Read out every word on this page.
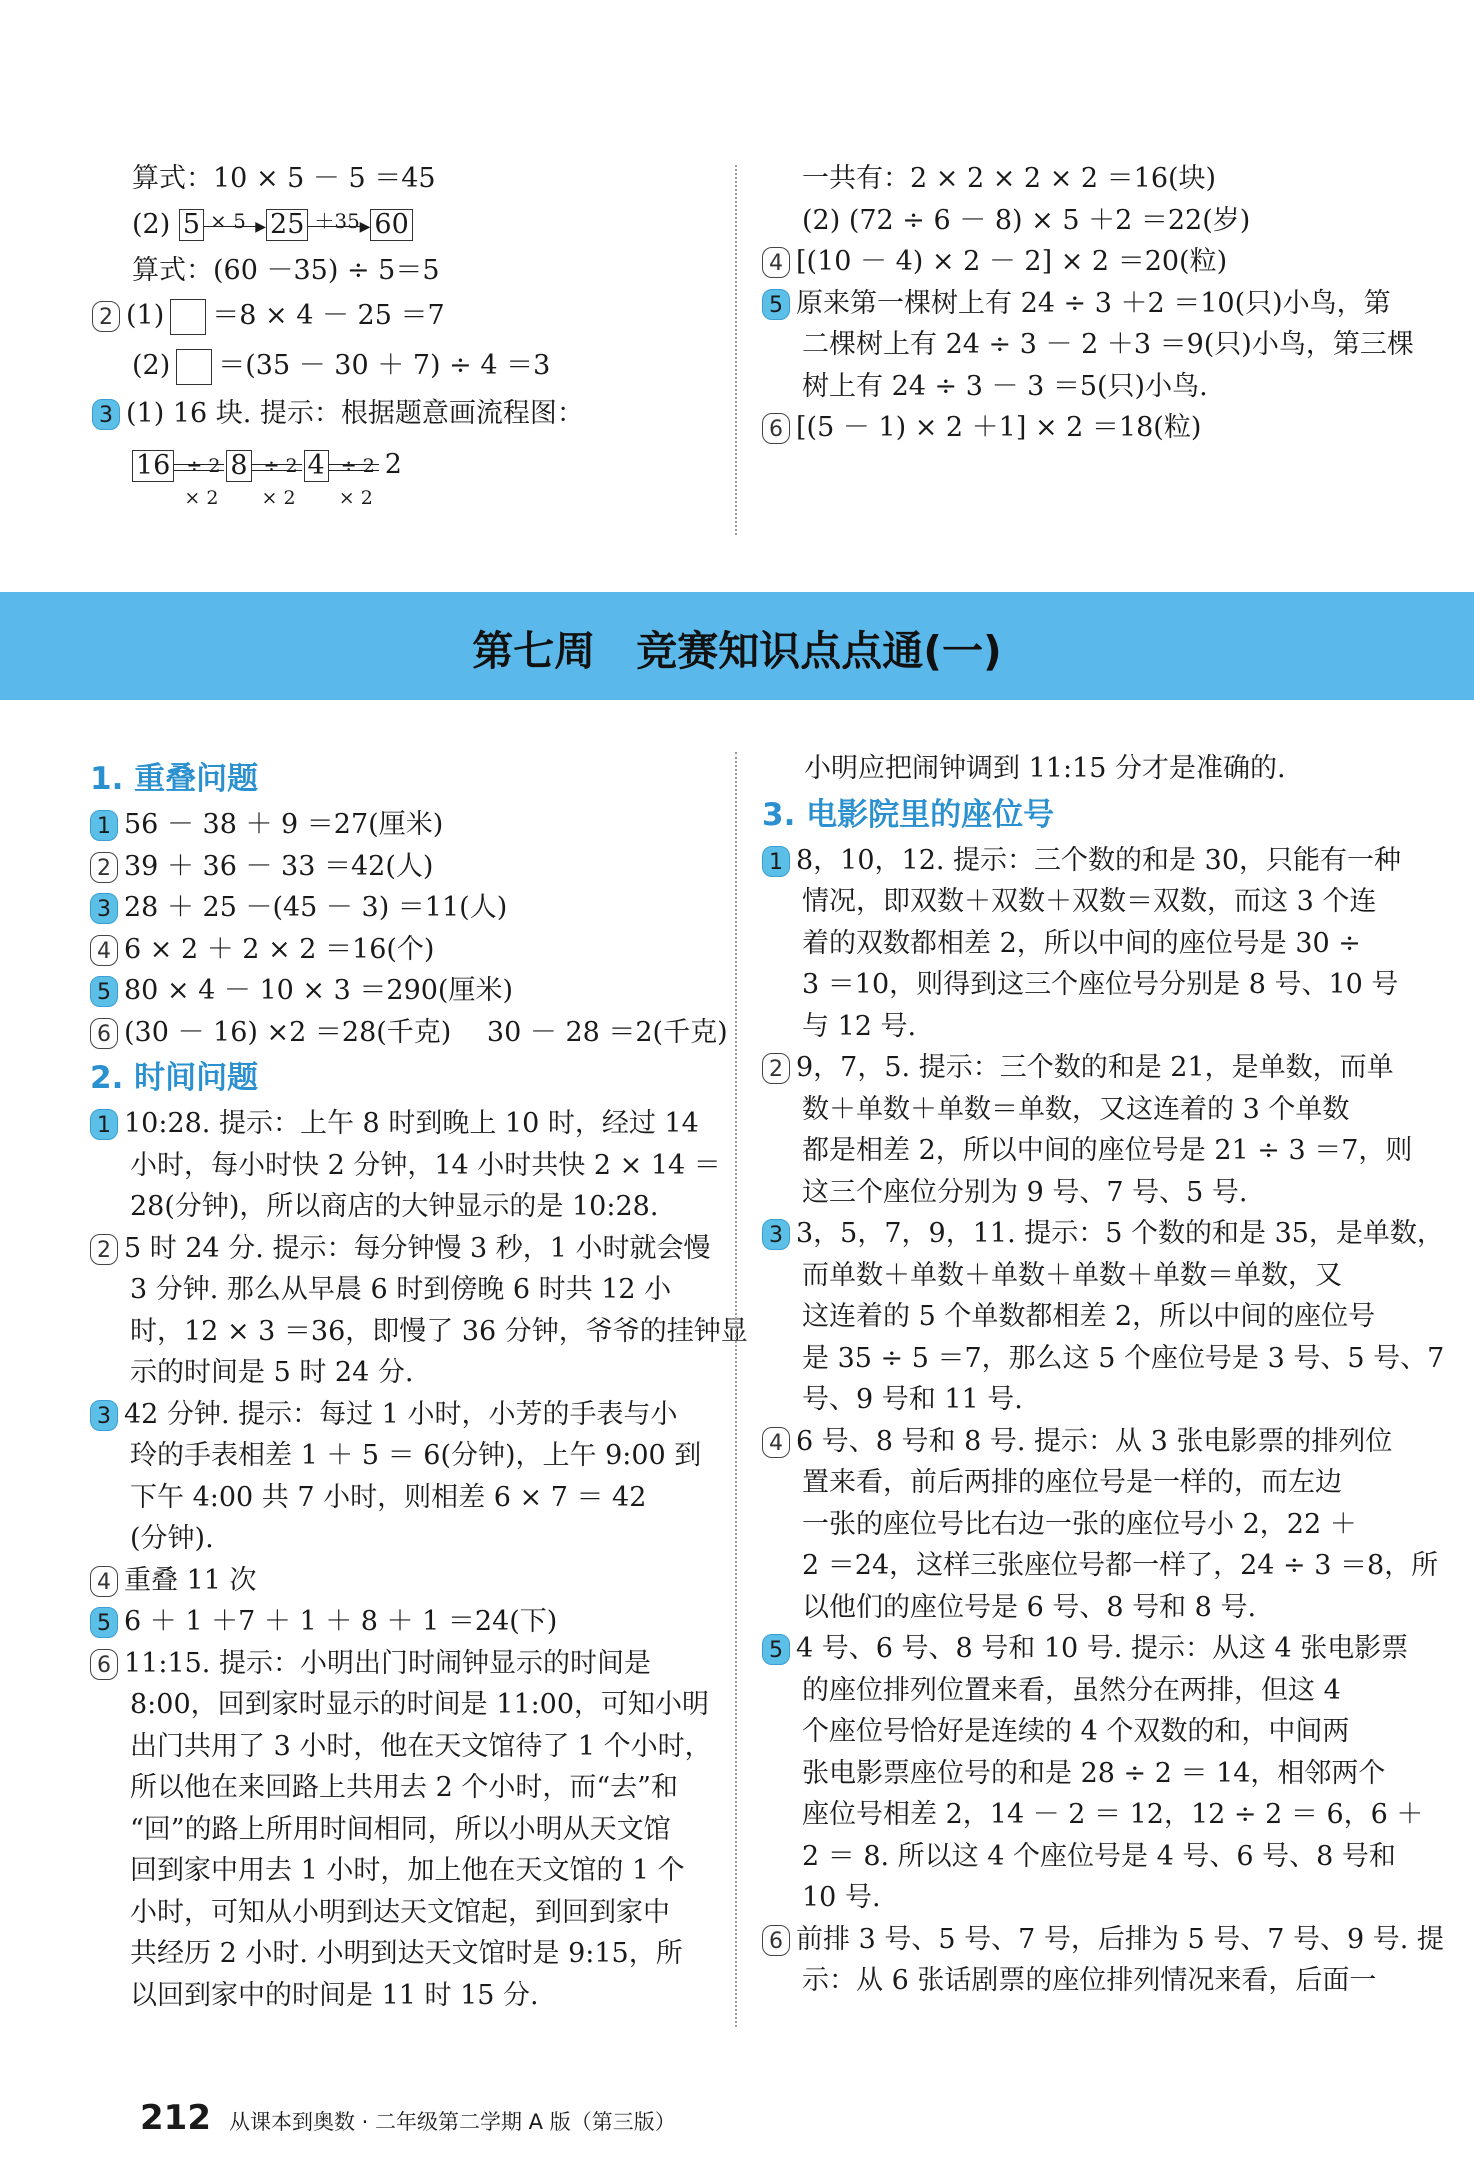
算式：10 × 5 － 5 ＝45
(2) 5 × 5 ▶ 25 ＋35 ▶ 60
算式：(60 －35) ÷ 5＝5
2 (1) ＝8 × 4 － 25 ＝7
(2) ＝(35 － 30 ＋ 7) ÷ 4 ＝3
3 (1) 16 块. 提示：根据题意画流程图：
16 ÷ 2
× 2
8 ÷ 2
× 2
4 ÷ 2
× 2
2
一共有：2 × 2 × 2 × 2 ＝16(块)
(2) (72 ÷ 6 － 8) × 5 ＋2 ＝22(岁)
4 [(10 － 4) × 2 － 2] × 2 ＝20(粒)
5 原来第一棵树上有 24 ÷ 3 ＋2 ＝10(只)小鸟，第
二棵树上有 24 ÷ 3 － 2 ＋3 ＝9(只)小鸟，第三棵
树上有 24 ÷ 3 － 3 ＝5(只)小鸟.
6 [(5 － 1) × 2 ＋1] × 2 ＝18(粒)
第七周　竞赛知识点点通(一)
1. 重叠问题
1 56 － 38 ＋ 9 ＝27(厘米)
2 39 ＋ 36 － 33 ＝42(人)
3 28 ＋ 25 －(45 － 3) ＝11(人)
4 6 × 2 ＋ 2 × 2 ＝16(个)
5 80 × 4 － 10 × 3 ＝290(厘米)
6 (30 － 16) ×2 ＝28(千克)　 30 － 28 ＝2(千克)
2. 时间问题
1 10:28. 提示：上午 8 时到晚上 10 时，经过 14
小时，每小时快 2 分钟，14 小时共快 2 × 14 ＝
28(分钟)，所以商店的大钟显示的是 10:28.
2 5 时 24 分. 提示：每分钟慢 3 秒，1 小时就会慢
3 分钟. 那么从早晨 6 时到傍晚 6 时共 12 小
时，12 × 3 ＝36，即慢了 36 分钟，爷爷的挂钟显
示的时间是 5 时 24 分.
3 42 分钟. 提示：每过 1 小时，小芳的手表与小
玲的手表相差 1 ＋ 5 ＝ 6(分钟)，上午 9:00 到
下午 4:00 共 7 小时，则相差 6 × 7 ＝ 42
(分钟).
4 重叠 11 次
5 6 ＋ 1 ＋7 ＋ 1 ＋ 8 ＋ 1 ＝24(下)
6 11:15. 提示：小明出门时闹钟显示的时间是
8:00，回到家时显示的时间是 11:00，可知小明
出门共用了 3 小时，他在天文馆待了 1 个小时，
所以他在来回路上共用去 2 个小时，而“去”和
“回”的路上所用时间相同，所以小明从天文馆
回到家中用去 1 小时，加上他在天文馆的 1 个
小时，可知从小明到达天文馆起，到回到家中
共经历 2 小时. 小明到达天文馆时是 9:15，所
以回到家中的时间是 11 时 15 分.
小明应把闹钟调到 11:15 分才是准确的.
3. 电影院里的座位号
1 8，10，12. 提示：三个数的和是 30，只能有一种
情况，即双数＋双数＋双数＝双数，而这 3 个连
着的双数都相差 2，所以中间的座位号是 30 ÷
3 ＝10，则得到这三个座位号分别是 8 号、10 号
与 12 号.
2 9，7，5. 提示：三个数的和是 21，是单数，而单
数＋单数＋单数＝单数，又这连着的 3 个单数
都是相差 2，所以中间的座位号是 21 ÷ 3 ＝7，则
这三个座位分别为 9 号、7 号、5 号.
3 3，5，7，9，11. 提示：5 个数的和是 35，是单数，
而单数＋单数＋单数＋单数＋单数＝单数，又
这连着的 5 个单数都相差 2，所以中间的座位号
是 35 ÷ 5 ＝7，那么这 5 个座位号是 3 号、5 号、7
号、9 号和 11 号.
4 6 号、8 号和 8 号. 提示：从 3 张电影票的排列位
置来看，前后两排的座位号是一样的，而左边
一张的座位号比右边一张的座位号小 2，22 ＋
2 ＝24，这样三张座位号都一样了，24 ÷ 3 ＝8，所
以他们的座位号是 6 号、8 号和 8 号.
5 4 号、6 号、8 号和 10 号. 提示：从这 4 张电影票
的座位排列位置来看，虽然分在两排，但这 4
个座位号恰好是连续的 4 个双数的和，中间两
张电影票座位号的和是 28 ÷ 2 ＝ 14，相邻两个
座位号相差 2，14 － 2 ＝ 12，12 ÷ 2 ＝ 6，6 ＋
2 ＝ 8. 所以这 4 个座位号是 4 号、6 号、8 号和
10 号.
6 前排 3 号、5 号、7 号，后排为 5 号、7 号、9 号. 提
示：从 6 张话剧票的座位排列情况来看，后面一
212 从课本到奥数 · 二年级第二学期 A 版（第三版）
